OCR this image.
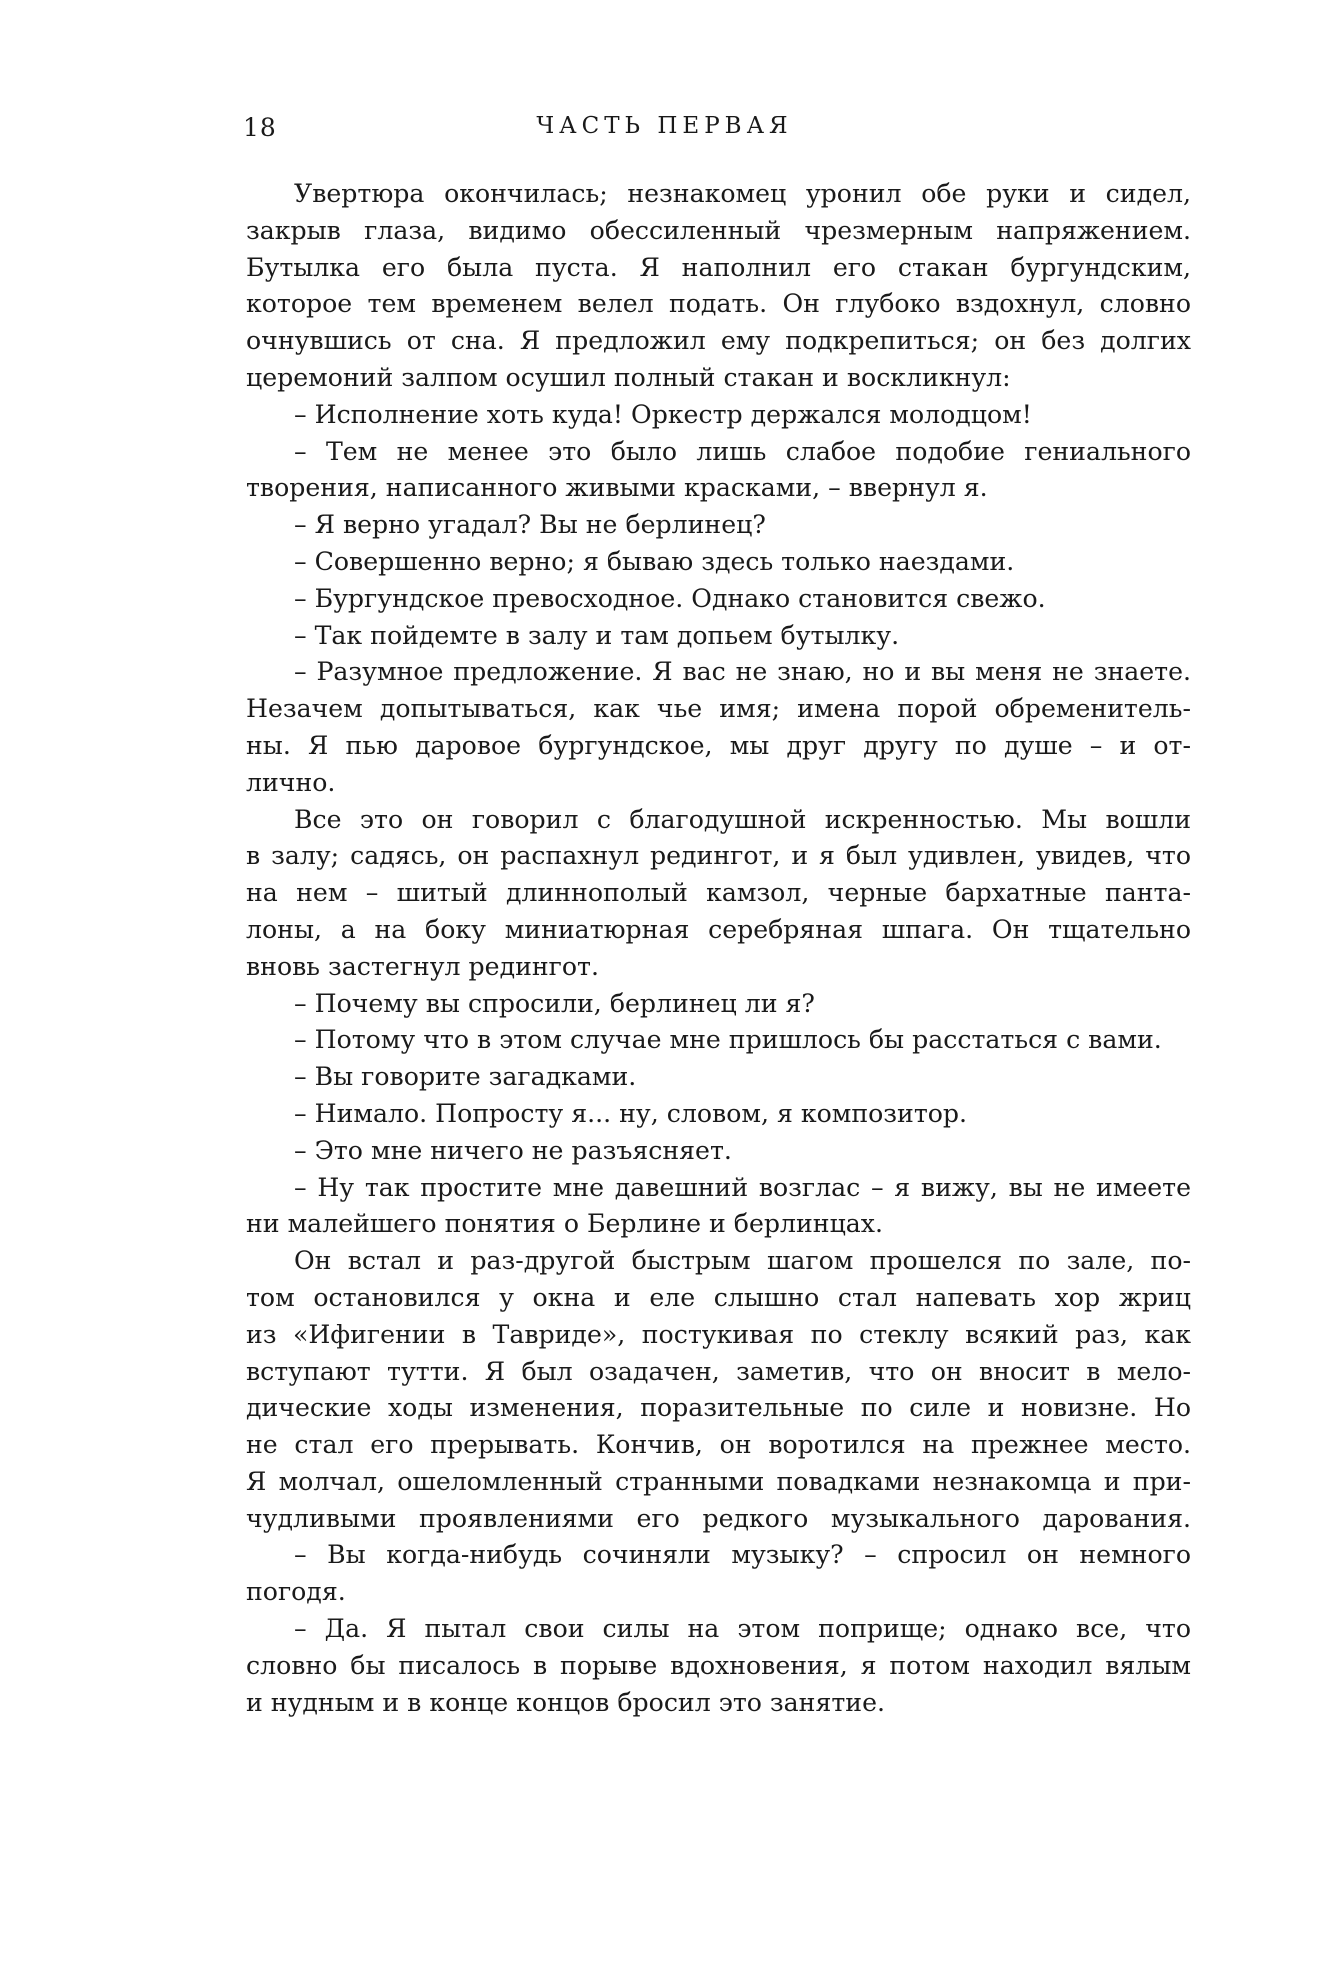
18	ЧАСТЬ ПЕРВАЯ
Увертюра окончилась; незнакомец уронил обе руки и сидел,
закрыв глаза, видимо обессиленный чрезмерным напряжением.
Бутылка его была пуста. Я наполнил его стакан бургундским,
которое тем временем велел подать. Он глубоко вздохнул, словно
очнувшись от сна. Я предложил ему подкрепиться; он без долгих
церемоний залпом осушил полный стакан и воскликнул:
– Исполнение хоть куда! Оркестр держался молодцом!
– Тем не менее это было лишь слабое подобие гениального
творения, написанного живыми красками, – ввернул я.
– Я верно угадал? Вы не берлинец?
– Совершенно верно; я бываю здесь только наездами.
– Бургундское превосходное. Однако становится свежо.
– Так пойдемте в залу и там допьем бутылку.
– Разумное предложение. Я вас не знаю, но и вы меня не знаете.
Незачем допытываться, как чье имя; имена порой обременитель-
ны. Я пью даровое бургундское, мы друг другу по душе – и от-
лично.
Все это он говорил с благодушной искренностью. Мы вошли
в залу; садясь, он распахнул редингот, и я был удивлен, увидев, что
на нем – шитый длиннополый камзол, черные бархатные панта-
лоны, а на боку миниатюрная серебряная шпага. Он тщательно
вновь застегнул редингот.
– Почему вы спросили, берлинец ли я?
– Потому что в этом случае мне пришлось бы расстаться с вами.
– Вы говорите загадками.
– Нимало. Попросту я... ну, словом, я композитор.
– Это мне ничего не разъясняет.
– Ну так простите мне давешний возглас – я вижу, вы не имеете
ни малейшего понятия о Берлине и берлинцах.
Он встал и раз-другой быстрым шагом прошелся по зале, по-
том остановился у окна и еле слышно стал напевать хор жриц
из «Ифигении в Тавриде», постукивая по стеклу всякий раз, как
вступают тутти. Я был озадачен, заметив, что он вносит в мело-
дические ходы изменения, поразительные по силе и новизне. Но
не стал его прерывать. Кончив, он воротился на прежнее место.
Я молчал, ошеломленный странными повадками незнакомца и при-
чудливыми проявлениями его редкого музыкального дарования.
– Вы когда-нибудь сочиняли музыку? – спросил он немного
погодя.
– Да. Я пытал свои силы на этом поприще; однако все, что
словно бы писалось в порыве вдохновения, я потом находил вялым
и нудным и в конце концов бросил это занятие.
